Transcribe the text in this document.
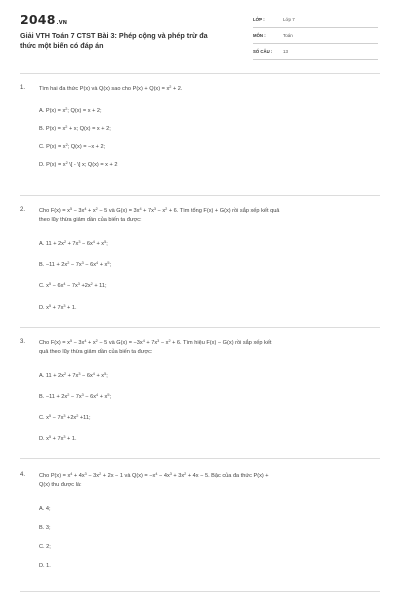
2048.VN
Giải VTH Toán 7 CTST Bài 3: Phép cộng và phép trừ đa
thức một biến có đáp án
LỚP :	Lớp 7
MÔN :	Toán
SỐ CÂU : 13
1. Tìm hai đa thức P(x) và Q(x) sao cho $P(x) + Q(x) = x^2 + 2$.
A. $P(x) = x^2$; Q(x) = x + 2;
B. $P(x) = x^2 + x$; Q(x) = x + 2;
C. $P(x) = x^2$; Q(x) = −x + 2;
D. $P(x) = x^2$ \[ - \] x; Q(x) = x + 2
2. Cho $F(x) = x^5 - 3x^4 + x^2 - 5$ và $G(x) = 3x^4 + 7x^3 - x^2 + 6$. Tìm tổng F(x) + G(x) rồi sắp xếp kết quả
theo lũy thừa giảm dần của biến ta được:
A. $11 + 2x^2 + 7x^3 - 6x^4 + x^5$;
B. $-11 + 2x^2 - 7x^3 - 6x^4 + x^5$;
C. $x^5 - 6x^4 - 7x^3 +2x^2 + 11$;
D. $x^5 + 7x^3 + 1$.
3. Cho $F(x) = x^5 - 3x^4 + x^2 - 5$ và $G(x) = -3x^4 + 7x^3 - x^2 + 6$. Tìm hiệu F(x) − G(x) rồi sắp xếp kết
quả theo lũy thừa giảm dần của biến ta được:
A. $11 + 2x^2 + 7x^3 - 6x^4 + x^5$;
B. $-11 + 2x^2 - 7x^3 - 6x^4 + x^5$;
C. $x^5 - 7x^3 +2x^2 +11$;
D. $x^5 + 7x^3 + 1$.
4. Cho $P(x) = x^4 + 4x^3 - 3x^2 + 2x - 1$ và $Q(x) = -x^4 - 4x^3 + 3x^2 + 4x - 5$. Bậc của đa thức P(x) +
Q(x) thu được là:
A. 4;
B. 3;
C. 2;
D. 1.
